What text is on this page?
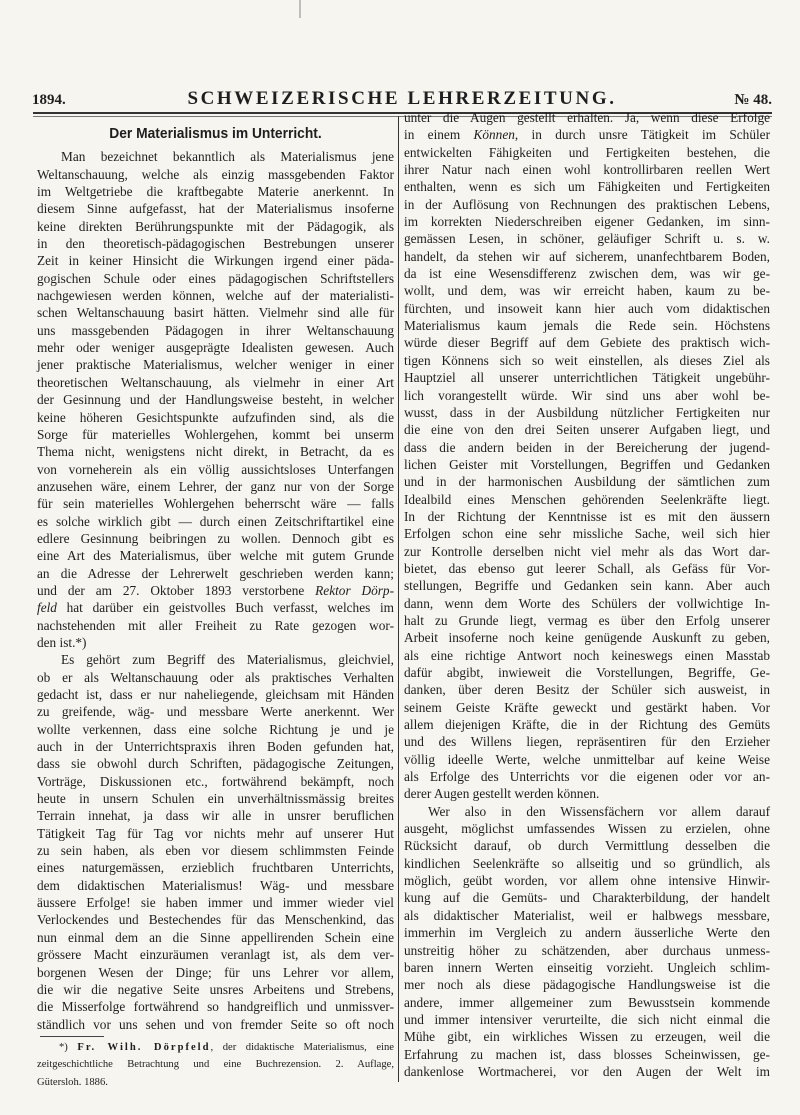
1894.	SCHWEIZERISCHE LEHRERZEITUNG.	№ 48.
Der Materialismus im Unterricht.
Man bezeichnet bekanntlich als Materialismus jene
Weltanschauung, welche als einzig massgebenden Faktor
im Weltgetriebe die kraftbegabte Materie anerkennt. In
diesem Sinne aufgefasst, hat der Materialismus insoferne
keine direkten Berührungspunkte mit der Pädagogik, als
in den theoretisch-pädagogischen Bestrebungen unserer
Zeit in keiner Hinsicht die Wirkungen irgend einer päda-
gogischen Schule oder eines pädagogischen Schriftstellers
nachgewiesen werden können, welche auf der materialisti-
schen Weltanschauung basirt hätten. Vielmehr sind alle für
uns massgebenden Pädagogen in ihrer Weltanschauung
mehr oder weniger ausgeprägte Idealisten gewesen. Auch
jener praktische Materialismus, welcher weniger in einer
theoretischen Weltanschauung, als vielmehr in einer Art
der Gesinnung und der Handlungsweise besteht, in welcher
keine höheren Gesichtspunkte aufzufinden sind, als die
Sorge für materielles Wohlergehen, kommt bei unserm
Thema nicht, wenigstens nicht direkt, in Betracht, da es
von vorneherein als ein völlig aussichtsloses Unterfangen
anzusehen wäre, einem Lehrer, der ganz nur von der Sorge
für sein materielles Wohlergehen beherrscht wäre — falls
es solche wirklich gibt — durch einen Zeitschriftartikel eine
edlere Gesinnung beibringen zu wollen. Dennoch gibt es
eine Art des Materialismus, über welche mit gutem Grunde
an die Adresse der Lehrerwelt geschrieben werden kann;
und der am 27. Oktober 1893 verstorbene Rektor Dörp-
feld hat darüber ein geistvolles Buch verfasst, welches im
nachstehenden mit aller Freiheit zu Rate gezogen wor-
den ist.*)
Es gehört zum Begriff des Materialismus, gleichviel,
ob er als Weltanschauung oder als praktisches Verhalten
gedacht ist, dass er nur naheliegende, gleichsam mit Händen
zu greifende, wäg- und messbare Werte anerkennt. Wer
wollte verkennen, dass eine solche Richtung je und je
auch in der Unterrichtspraxis ihren Boden gefunden hat,
dass sie obwohl durch Schriften, pädagogische Zeitungen,
Vorträge, Diskussionen etc., fortwährend bekämpft, noch
heute in unsern Schulen ein unverhältnissmässig breites
Terrain innehat, ja dass wir alle in unsrer beruflichen
Tätigkeit Tag für Tag vor nichts mehr auf unserer Hut
zu sein haben, als eben vor diesem schlimmsten Feinde
eines naturgemässen, erzieblich fruchtbaren Unterrichts,
dem didaktischen Materialismus! Wäg- und messbare
äussere Erfolge! sie haben immer und immer wieder viel
Verlockendes und Bestechendes für das Menschenkind, das
nun einmal dem an die Sinne appellirenden Schein eine
grössere Macht einzuräumen veranlagt ist, als dem ver-
borgenen Wesen der Dinge; für uns Lehrer vor allem,
die wir die negative Seite unsres Arbeitens und Strebens,
die Misserfolge fortwährend so handgreiflich und unmissver-
ständlich vor uns sehen und von fremder Seite so oft noch
unter die Augen gestellt erhalten. Ja, wenn diese Erfolge
in einem Können, in durch unsre Tätigkeit im Schüler
entwickelten Fähigkeiten und Fertigkeiten bestehen, die
ihrer Natur nach einen wohl kontrollirbaren reellen Wert
enthalten, wenn es sich um Fähigkeiten und Fertigkeiten
in der Auflösung von Rechnungen des praktischen Lebens,
im korrekten Niederschreiben eigener Gedanken, im sinn-
gemässen Lesen, in schöner, geläufiger Schrift u. s. w.
handelt, da stehen wir auf sicherem, unanfechtbarem Boden,
da ist eine Wesensdifferenz zwischen dem, was wir ge-
wollt, und dem, was wir erreicht haben, kaum zu be-
fürchten, und insoweit kann hier auch vom didaktischen
Materialismus kaum jemals die Rede sein. Höchstens
würde dieser Begriff auf dem Gebiete des praktisch wich-
tigen Könnens sich so weit einstellen, als dieses Ziel als
Hauptziel all unserer unterrichtlichen Tätigkeit ungebühr-
lich vorangestellt würde. Wir sind uns aber wohl be-
wusst, dass in der Ausbildung nützlicher Fertigkeiten nur
die eine von den drei Seiten unserer Aufgaben liegt, und
dass die andern beiden in der Bereicherung der jugend-
lichen Geister mit Vorstellungen, Begriffen und Gedanken
und in der harmonischen Ausbildung der sämtlichen zum
Idealbild eines Menschen gehörenden Seelenkräfte liegt.
In der Richtung der Kenntnisse ist es mit den äussern
Erfolgen schon eine sehr missliche Sache, weil sich hier
zur Kontrolle derselben nicht viel mehr als das Wort dar-
bietet, das ebenso gut leerer Schall, als Gefäss für Vor-
stellungen, Begriffe und Gedanken sein kann. Aber auch
dann, wenn dem Worte des Schülers der vollwichtige In-
halt zu Grunde liegt, vermag es über den Erfolg unserer
Arbeit insoferne noch keine genügende Auskunft zu geben,
als eine richtige Antwort noch keineswegs einen Masstab
dafür abgibt, inwieweit die Vorstellungen, Begriffe, Ge-
danken, über deren Besitz der Schüler sich ausweist, in
seinem Geiste Kräfte geweckt und gestärkt haben. Vor
allem diejenigen Kräfte, die in der Richtung des Gemüts
und des Willens liegen, repräsentiren für den Erzieher
völlig ideelle Werte, welche unmittelbar auf keine Weise
als Erfolge des Unterrichts vor die eigenen oder vor an-
derer Augen gestellt werden können.
Wer also in den Wissensfächern vor allem darauf
ausgeht, möglichst umfassendes Wissen zu erzielen, ohne
Rücksicht darauf, ob durch Vermittlung desselben die
kindlichen Seelenkräfte so allseitig und so gründlich, als
möglich, geübt worden, vor allem ohne intensive Hinwir-
kung auf die Gemüts- und Charakterbildung, der handelt
als didaktischer Materialist, weil er halbwegs messbare,
immerhin im Vergleich zu andern äusserliche Werte den
unstreitig höher zu schätzenden, aber durchaus unmess-
baren innern Werten einseitig vorzieht. Ungleich schlim-
mer noch als diese pädagogische Handlungsweise ist die
andere, immer allgemeiner zum Bewusstsein kommende
und immer intensiver verurteilte, die sich nicht einmal die
Mühe gibt, ein wirkliches Wissen zu erzeugen, weil die
Erfahrung zu machen ist, dass blosses Scheinwissen, ge-
dankenlose Wortmacherei, vor den Augen der Welt im
*) Fr. Wilh. Dörpfeld, der didaktische Materialismus, eine
zeitgeschichtliche Betrachtung und eine Buchrezension. 2. Auflage,
Gütersloh. 1886.
